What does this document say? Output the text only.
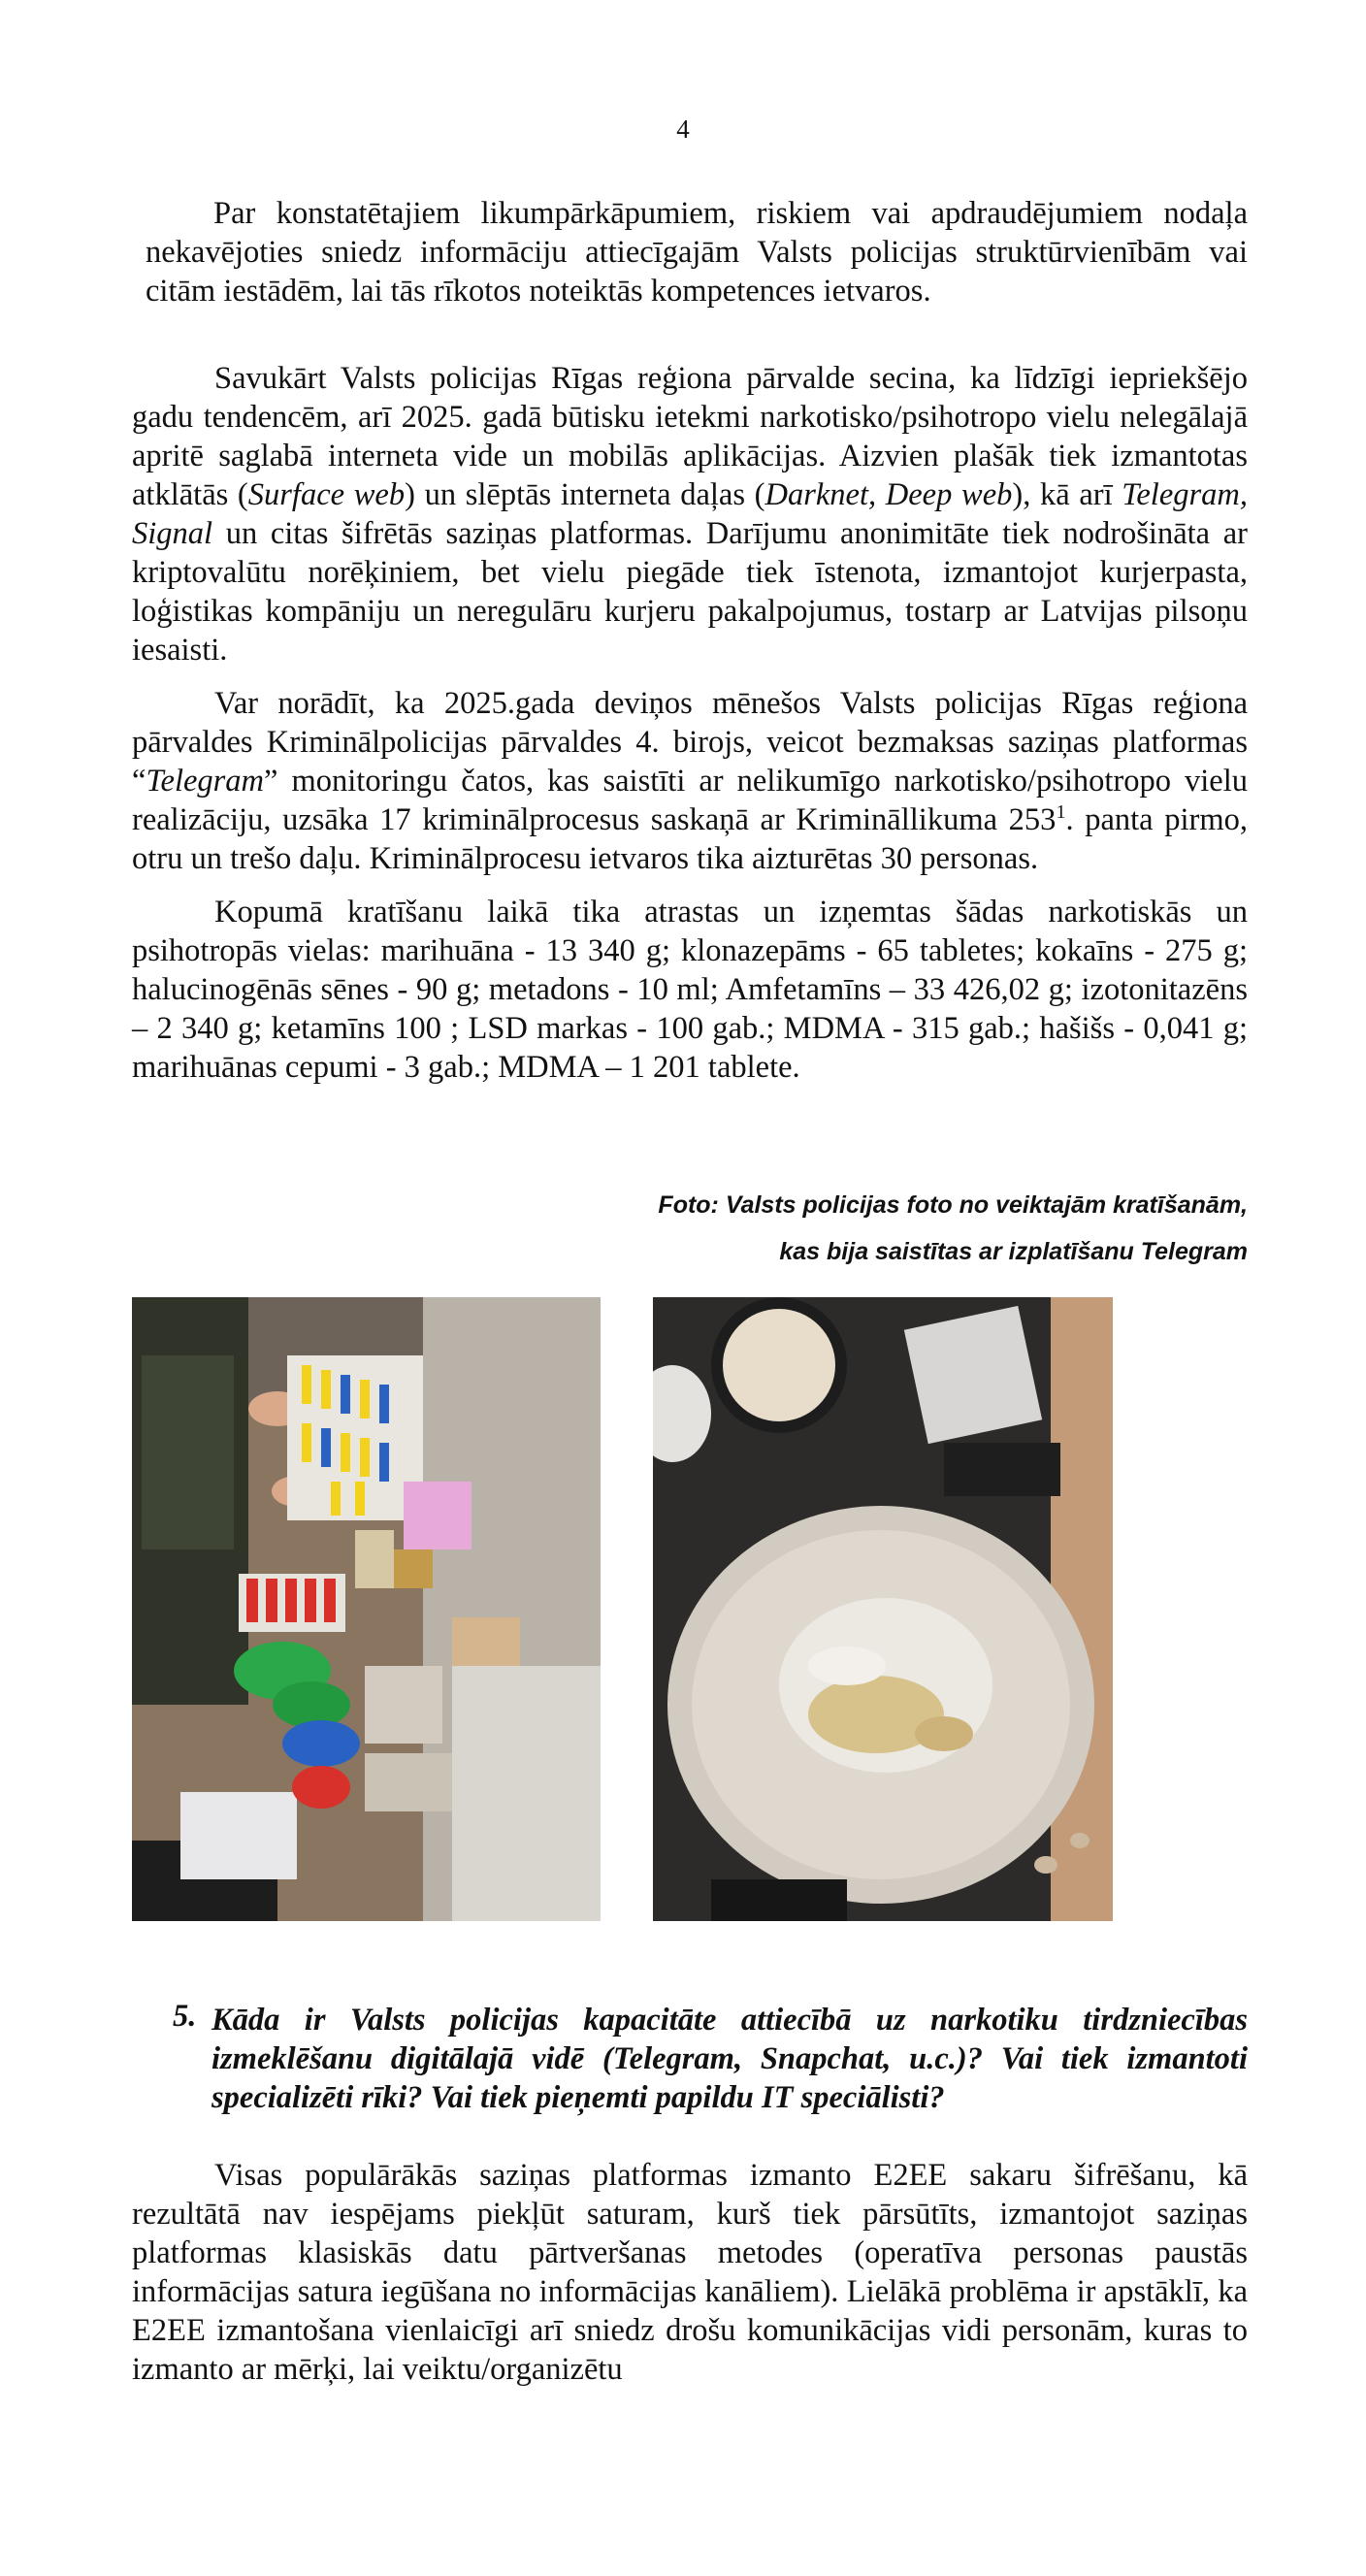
4

Par konstatētajiem likumpārkāpumiem, riskiem vai apdraudējumiem nodaļa nekavējoties sniedz informāciju attiecīgajām Valsts policijas struktūrvienībām vai citām iestādēm, lai tās rīkotos noteiktās kompetences ietvaros.

Savukārt Valsts policijas Rīgas reģiona pārvalde secina, ka līdzīgi iepriekšējo gadu tendencēm, arī 2025. gadā būtisku ietekmi narkotisko/psihotropo vielu nelegālajā apritē saglabā interneta vide un mobilās aplikācijas. Aizvien plašāk tiek izmantotas atklātās (Surface web) un slēptās interneta daļas (Darknet, Deep web), kā arī Telegram, Signal un citas šifrētās saziņas platformas. Darījumu anonimitāte tiek nodrošināta ar kriptovalūtu norēķiniem, bet vielu piegāde tiek īstenota, izmantojot kurjerpasta, loģistikas kompāniju un neregulāru kurjeru pakalpojumus, tostarp ar Latvijas pilsoņu iesaisti.

Var norādīt, ka 2025.gada deviņos mēnešos Valsts policijas Rīgas reģiona pārvaldes Kriminālpolicijas pārvaldes 4. birojs, veicot bezmaksas saziņas platformas “Telegram” monitoringu čatos, kas saistīti ar nelikumīgo narkotisko/psihotropo vielu realizāciju, uzsāka 17 kriminālprocesus saskaņā ar Krimināllikuma $253^1$. panta pirmo, otru un trešo daļu. Kriminālprocesu ietvaros tika aizturētas 30 personas.

Kopumā kratīšanu laikā tika atrastas un izņemtas šādas narkotiskās un psihotropās vielas: marihuāna - 13 340 g; klonazepāms - 65 tabletes; kokaīns - 275 g; halucinogēnās sēnes - 90 g; metadons - 10 ml; Amfetamīns – 33 426,02 g; izotonitazēns – 2 340 g; ketamīns 100 ; LSD markas - 100 gab.; MDMA - 315 gab.; hašišs - 0,041 g; marihuānas cepumi - 3 gab.; MDMA – 1 201 tablete.

Foto: Valsts policijas foto no veiktajām kratīšanām,
kas bija saistītas ar izplatīšanu Telegram
5. Kāda ir Valsts policijas kapacitāte attiecībā uz narkotiku tirdzniecības izmeklēšanu digitālajā vidē (Telegram, Snapchat, u.c.)? Vai tiek izmantoti specializēti rīki? Vai tiek pieņemti papildu IT speciālisti?

Visas populārākās saziņas platformas izmanto E2EE sakaru šifrēšanu, kā rezultātā nav iespējams piekļūt saturam, kurš tiek pārsūtīts, izmantojot saziņas platformas klasiskās datu pārtveršanas metodes (operatīva personas paustās informācijas satura iegūšana no informācijas kanāliem). Lielākā problēma ir apstāklī, ka E2EE izmantošana vienlaicīgi arī sniedz drošu komunikācijas vidi personām, kuras to izmanto ar mērķi, lai veiktu/organizētu
